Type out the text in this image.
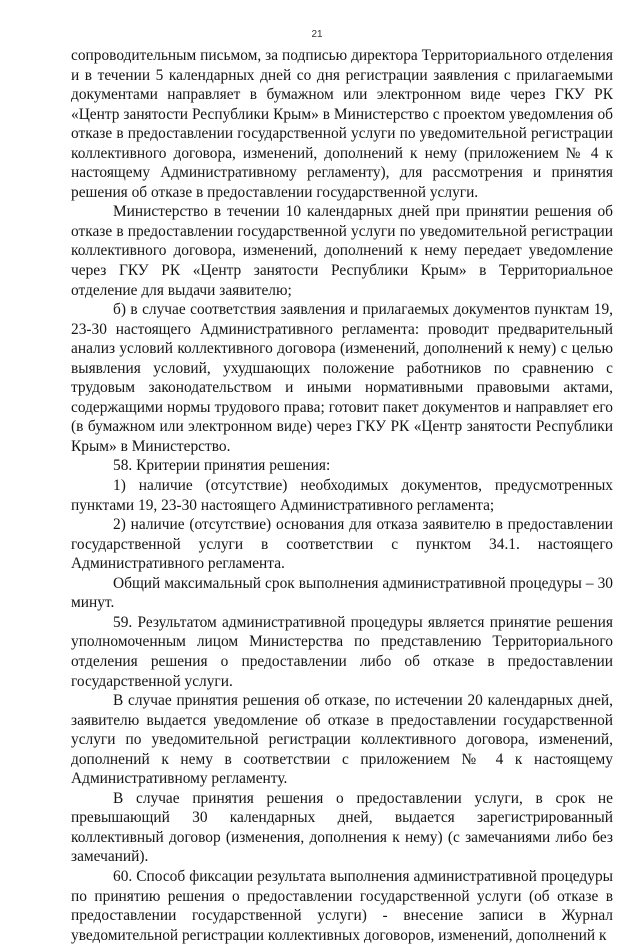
21

сопроводительным письмом, за подписью директора Территориального отделения и в течении 5 календарных дней со дня регистрации заявления с прилагаемыми документами направляет в бумажном или электронном виде через ГКУ РК «Центр занятости Республики Крым» в Министерство с проектом уведомления об отказе в предоставлении государственной услуги по уведомительной регистрации коллективного договора, изменений, дополнений к нему (приложением № 4 к настоящему Административному регламенту), для рассмотрения и принятия решения об отказе в предоставлении государственной услуги.

Министерство в течении 10 календарных дней при принятии решения об отказе в предоставлении государственной услуги по уведомительной регистрации коллективного договора, изменений, дополнений к нему передает уведомление через ГКУ РК «Центр занятости Республики Крым» в Территориальное отделение для выдачи заявителю;

б) в случае соответствия заявления и прилагаемых документов пунктам 19, 23-30 настоящего Административного регламента: проводит предварительный анализ условий коллективного договора (изменений, дополнений к нему) с целью выявления условий, ухудшающих положение работников по сравнению с трудовым законодательством и иными нормативными правовыми актами, содержащими нормы трудового права; готовит пакет документов и направляет его (в бумажном или электронном виде) через ГКУ РК «Центр занятости Республики Крым» в Министерство.

58. Критерии принятия решения:

1) наличие (отсутствие) необходимых документов, предусмотренных пунктами 19, 23-30 настоящего Административного регламента;

2) наличие (отсутствие) основания для отказа заявителю в предоставлении государственной услуги в соответствии с пунктом 34.1. настоящего Административного регламента.

Общий максимальный срок выполнения административной процедуры – 30 минут.

59. Результатом административной процедуры является принятие решения уполномоченным лицом Министерства по представлению Территориального отделения решения о предоставлении либо об отказе в предоставлении государственной услуги.

В случае принятия решения об отказе, по истечении 20 календарных дней, заявителю выдается уведомление об отказе в предоставлении государственной услуги по уведомительной регистрации коллективного договора, изменений, дополнений к нему в соответствии с приложением № 4 к настоящему Административному регламенту.

В случае принятия решения о предоставлении услуги, в срок не превышающий 30 календарных дней, выдается зарегистрированный коллективный договор (изменения, дополнения к нему) (с замечаниями либо без замечаний).

60. Способ фиксации результата выполнения административной процедуры по принятию решения о предоставлении государственной услуги (об отказе в предоставлении государственной услуги) - внесение записи в Журнал уведомительной регистрации коллективных договоров, изменений, дополнений к
